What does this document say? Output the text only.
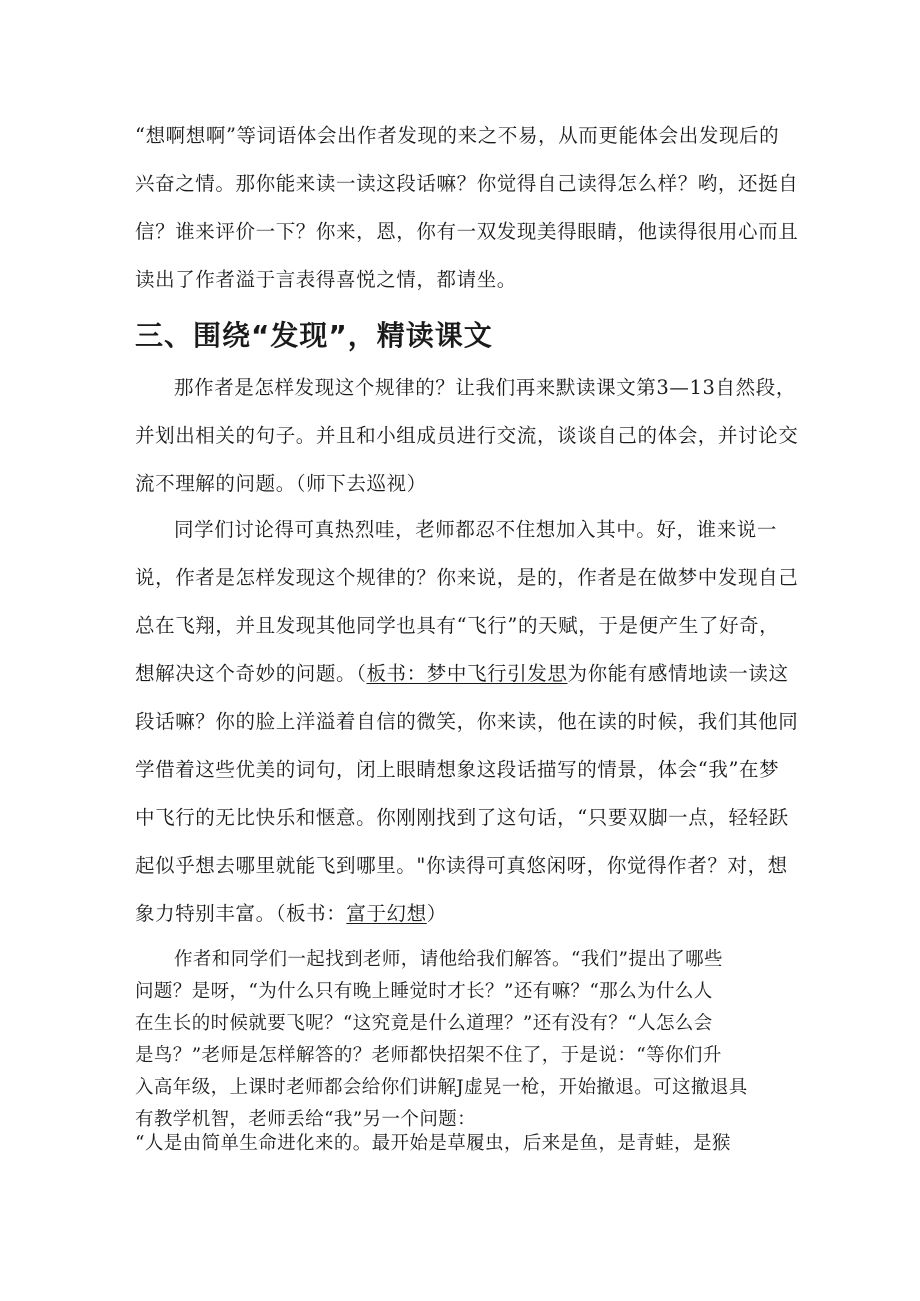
“想啊想啊”等词语体会出作者发现的来之不易，从而更能体会出发现后的
兴奋之情。那你能来读一读这段话嘛？你觉得自己读得怎么样？哟，还挺自
信？谁来评价一下？你来，恩，你有一双发现美得眼睛，他读得很用心而且
读出了作者溢于言表得喜悦之情，都请坐。
三、围绕“发现”，精读课文
那作者是怎样发现这个规律的？让我们再来默读课文第3—13自然段，
并划出相关的句子。并且和小组成员进行交流，谈谈自己的体会，并讨论交
流不理解的问题。（师下去巡视）
同学们讨论得可真热烈哇，老师都忍不住想加入其中。好，谁来说一
说，作者是怎样发现这个规律的？你来说，是的，作者是在做梦中发现自己
总在飞翔，并且发现其他同学也具有“飞行”的天赋，于是便产生了好奇，
想解决这个奇妙的问题。（板书：梦中飞行引发思为你能有感情地读一读这
段话嘛？你的脸上洋溢着自信的微笑，你来读，他在读的时候，我们其他同
学借着这些优美的词句，闭上眼睛想象这段话描写的情景，体会“我”在梦
中飞行的无比快乐和惬意。你刚刚找到了这句话，“只要双脚一点，轻轻跃
起似乎想去哪里就能飞到哪里。"你读得可真悠闲呀，你觉得作者？对，想
象力特别丰富。（板书：富于幻想）
作者和同学们一起找到老师，请他给我们解答。“我们”提出了哪些
问题？是呀，“为什么只有晚上睡觉时才长？”还有嘛？“那么为什么人
在生长的时候就要飞呢？“这究竟是什么道理？”还有没有？“人怎么会
是鸟？”老师是怎样解答的？老师都快招架不住了，于是说：“等你们升
入高年级，上课时老师都会给你们讲解J虚晃一枪，开始撤退。可这撤退具
有教学机智，老师丢给“我”另一个问题：
“人是由简单生命进化来的。最开始是草履虫，后来是鱼，是青蛙，是猴
